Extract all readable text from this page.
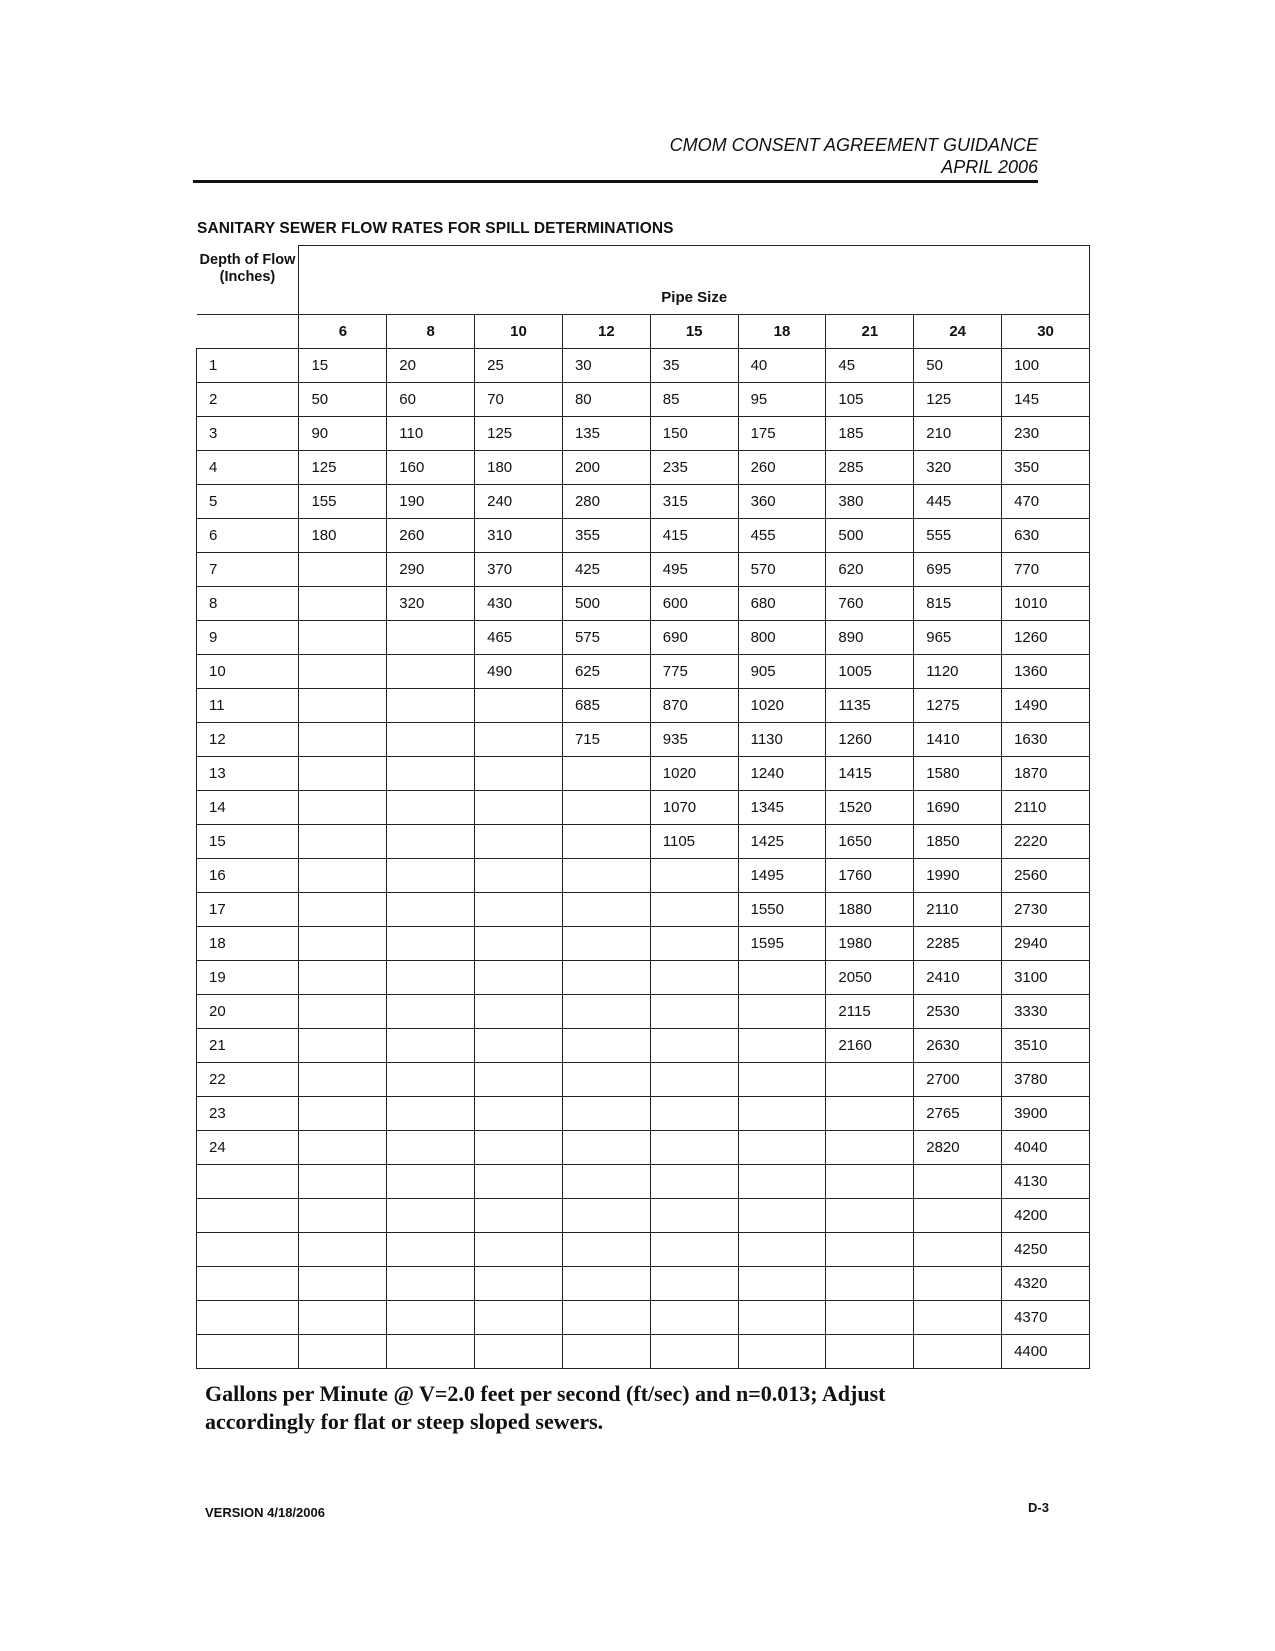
CMOM CONSENT AGREEMENT GUIDANCE
APRIL 2006
SANITARY SEWER FLOW RATES FOR SPILL DETERMINATIONS
Depth of Flow (Inches)	Pipe Size								
	6	8	10	12	15	18	21	24	30
1	15	20	25	30	35	40	45	50	100
2	50	60	70	80	85	95	105	125	145
3	90	110	125	135	150	175	185	210	230
4	125	160	180	200	235	260	285	320	350
5	155	190	240	280	315	360	380	445	470
6	180	260	310	355	415	455	500	555	630
7		290	370	425	495	570	620	695	770
8		320	430	500	600	680	760	815	1010
9			465	575	690	800	890	965	1260
10			490	625	775	905	1005	1120	1360
11				685	870	1020	1135	1275	1490
12				715	935	1130	1260	1410	1630
13					1020	1240	1415	1580	1870
14					1070	1345	1520	1690	2110
15					1105	1425	1650	1850	2220
16						1495	1760	1990	2560
17						1550	1880	2110	2730
18						1595	1980	2285	2940
19							2050	2410	3100
20							2115	2530	3330
21							2160	2630	3510
22								2700	3780
23								2765	3900
24								2820	4040
									4130
									4200
									4250
									4320
									4370
									4400
Gallons per Minute @ V=2.0 feet per second (ft/sec) and n=0.013; Adjust accordingly for flat or steep sloped sewers.
VERSION 4/18/2006	D-3
